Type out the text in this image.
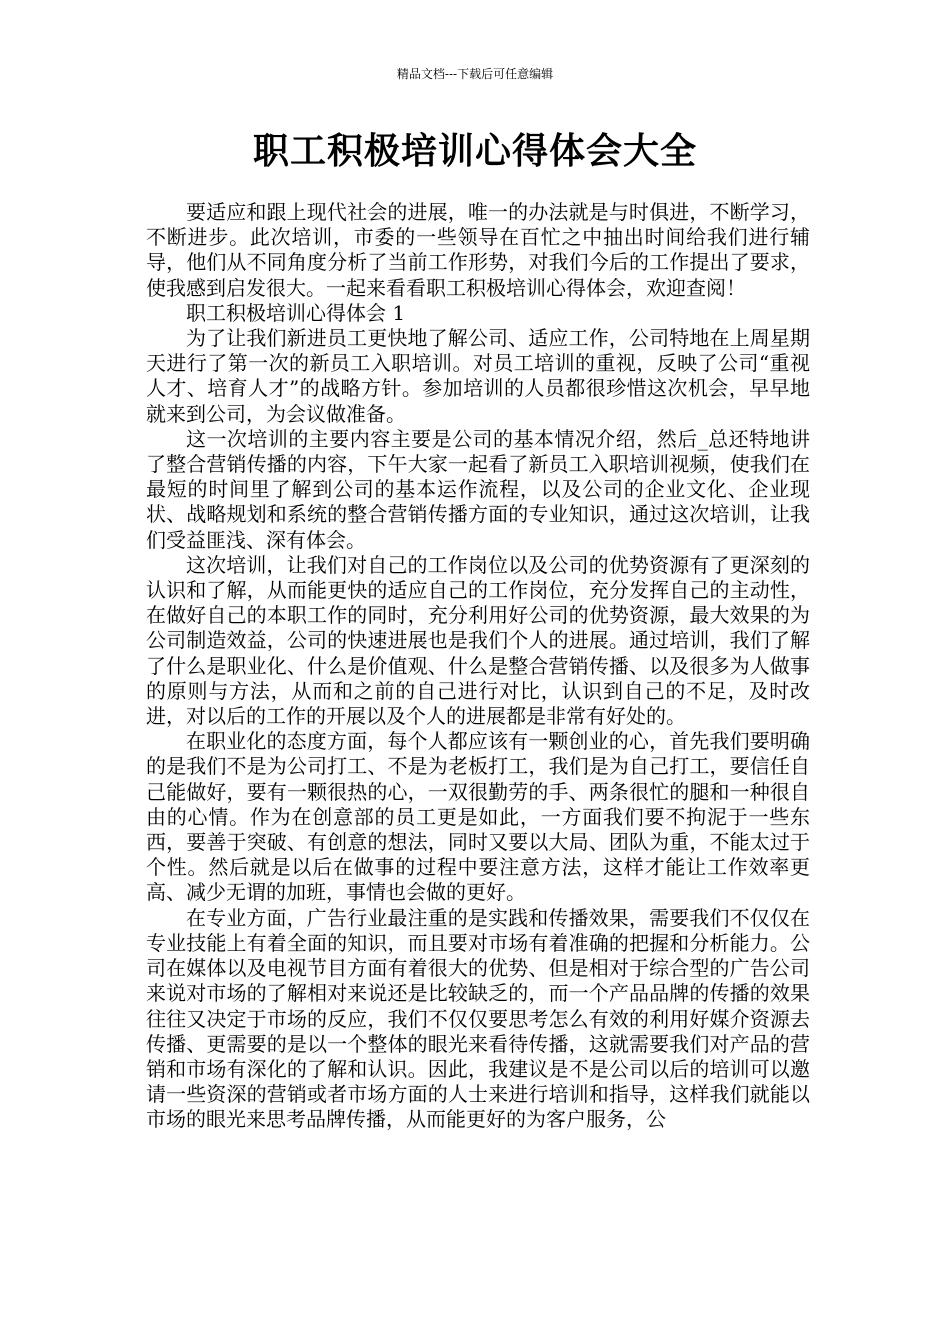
精品文档---下载后可任意编辑
职工积极培训心得体会大全

要适应和跟上现代社会的进展，唯一的办法就是与时俱进，不断学习，不断进步。此次培训，市委的一些领导在百忙之中抽出时间给我们进行辅导，他们从不同角度分析了当前工作形势，对我们今后的工作提出了要求，使我感到启发很大。一起来看看职工积极培训心得体会，欢迎查阅！

职工积极培训心得体会 1

为了让我们新进员工更快地了解公司、适应工作，公司特地在上周星期天进行了第一次的新员工入职培训。对员工培训的重视，反映了公司“重视人才、培育人才”的战略方针。参加培训的人员都很珍惜这次机会，早早地就来到公司，为会议做准备。

这一次培训的主要内容主要是公司的基本情况介绍，然后_总还特地讲了整合营销传播的内容，下午大家一起看了新员工入职培训视频，使我们在最短的时间里了解到公司的基本运作流程，以及公司的企业文化、企业现状、战略规划和系统的整合营销传播方面的专业知识，通过这次培训，让我们受益匪浅、深有体会。

这次培训，让我们对自己的工作岗位以及公司的优势资源有了更深刻的认识和了解，从而能更快的适应自己的工作岗位，充分发挥自己的主动性，在做好自己的本职工作的同时，充分利用好公司的优势资源，最大效果的为公司制造效益，公司的快速进展也是我们个人的进展。通过培训，我们了解了什么是职业化、什么是价值观、什么是整合营销传播、以及很多为人做事的原则与方法，从而和之前的自己进行对比，认识到自己的不足，及时改进，对以后的工作的开展以及个人的进展都是非常有好处的。

在职业化的态度方面，每个人都应该有一颗创业的心，首先我们要明确的是我们不是为公司打工、不是为老板打工，我们是为自己打工，要信任自己能做好，要有一颗很热的心，一双很勤劳的手、两条很忙的腿和一种很自由的心情。作为在创意部的员工更是如此，一方面我们要不拘泥于一些东西，要善于突破、有创意的想法，同时又要以大局、团队为重，不能太过于个性。然后就是以后在做事的过程中要注意方法，这样才能让工作效率更高、减少无谓的加班，事情也会做的更好。

在专业方面，广告行业最注重的是实践和传播效果，需要我们不仅仅在专业技能上有着全面的知识，而且要对市场有着准确的把握和分析能力。公司在媒体以及电视节目方面有着很大的优势、但是相对于综合型的广告公司来说对市场的了解相对来说还是比较缺乏的，而一个产品品牌的传播的效果往往又决定于市场的反应，我们不仅仅要思考怎么有效的利用好媒介资源去传播、更需要的是以一个整体的眼光来看待传播，这就需要我们对产品的营销和市场有深化的了解和认识。因此，我建议是不是公司以后的培训可以邀请一些资深的营销或者市场方面的人士来进行培训和指导，这样我们就能以市场的眼光来思考品牌传播，从而能更好的为客户服务，公
